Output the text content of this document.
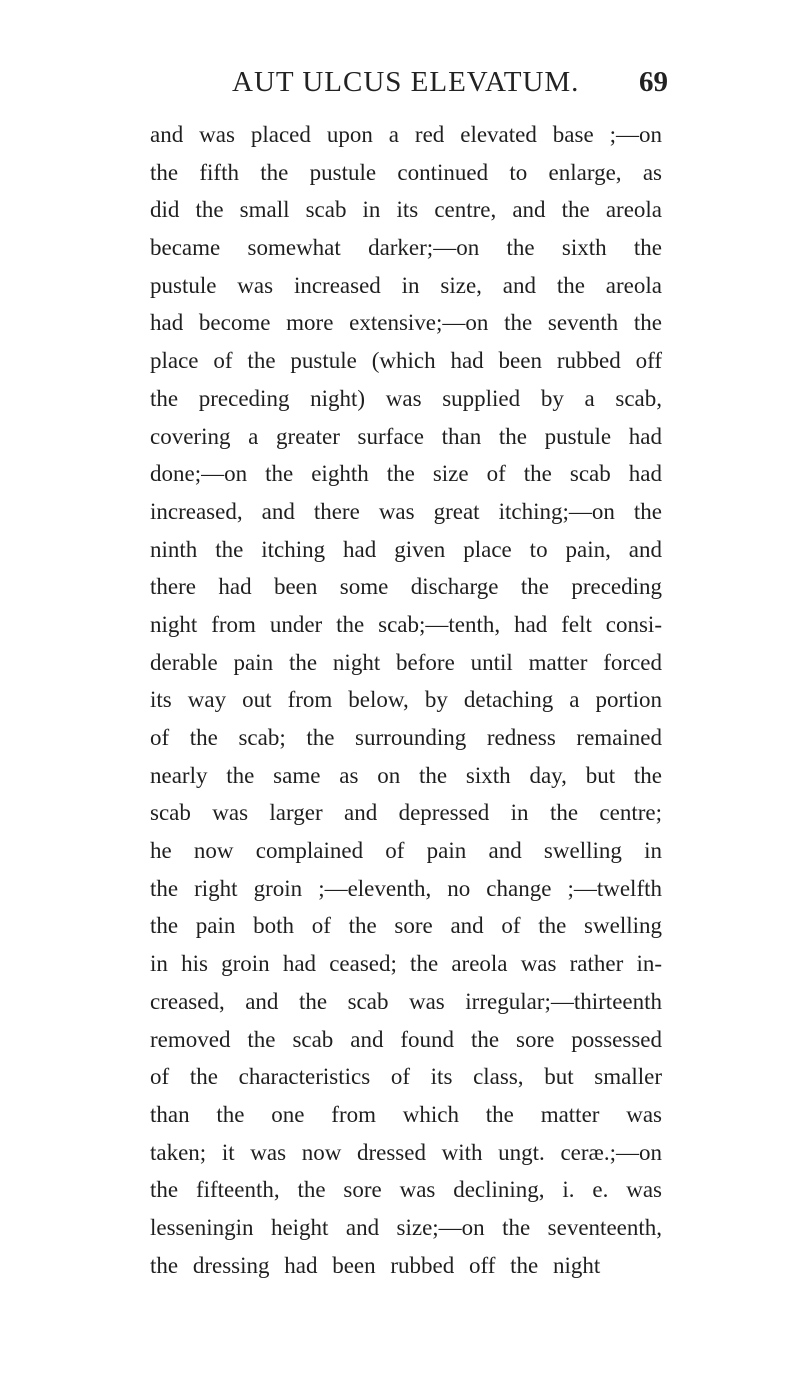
AUT ULCUS ELEVATUM. 69
and was placed upon a red elevated base ;—on
the fifth the pustule continued to enlarge, as
did the small scab in its centre, and the areola
became somewhat darker;—on the sixth the
pustule was increased in size, and the areola
had become more extensive;—on the seventh the
place of the pustule (which had been rubbed off
the preceding night) was supplied by a scab,
covering a greater surface than the pustule had
done;—on the eighth the size of the scab had
increased, and there was great itching;—on the
ninth the itching had given place to pain, and
there had been some discharge the preceding
night from under the scab;—tenth, had felt consi-
derable pain the night before until matter forced
its way out from below, by detaching a portion
of the scab; the surrounding redness remained
nearly the same as on the sixth day, but the
scab was larger and depressed in the centre;
he now complained of pain and swelling in
the right groin ;—eleventh, no change ;—twelfth
the pain both of the sore and of the swelling
in his groin had ceased; the areola was rather in-
creased, and the scab was irregular;—thirteenth
removed the scab and found the sore possessed
of the characteristics of its class, but smaller
than the one from which the matter was
taken; it was now dressed with ungt. ceræ.;—on
the fifteenth, the sore was declining, i. e. was
lesseningin height and size;—on the seventeenth,
the dressing had been rubbed off the night
